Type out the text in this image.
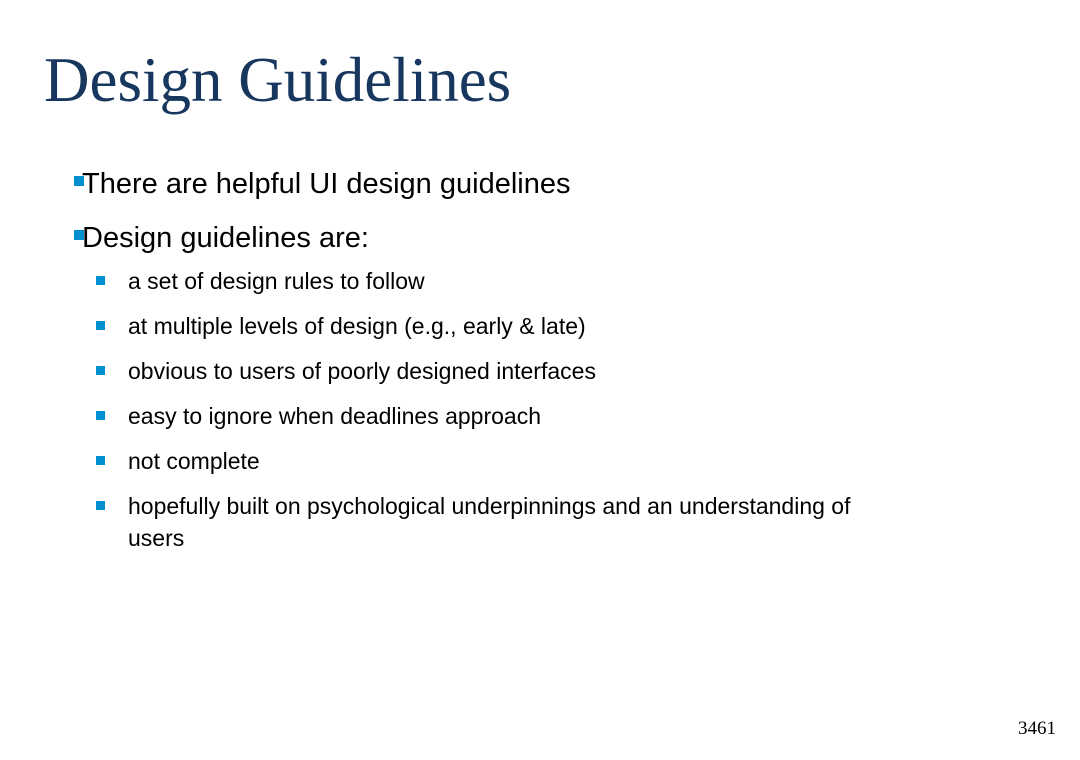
Design Guidelines
There are helpful UI design guidelines
Design guidelines are:
a set of design rules to follow
at multiple levels of design (e.g., early & late)
obvious to users of poorly designed interfaces
easy to ignore when deadlines approach
not complete
hopefully built on psychological underpinnings and an understanding of users
3461
